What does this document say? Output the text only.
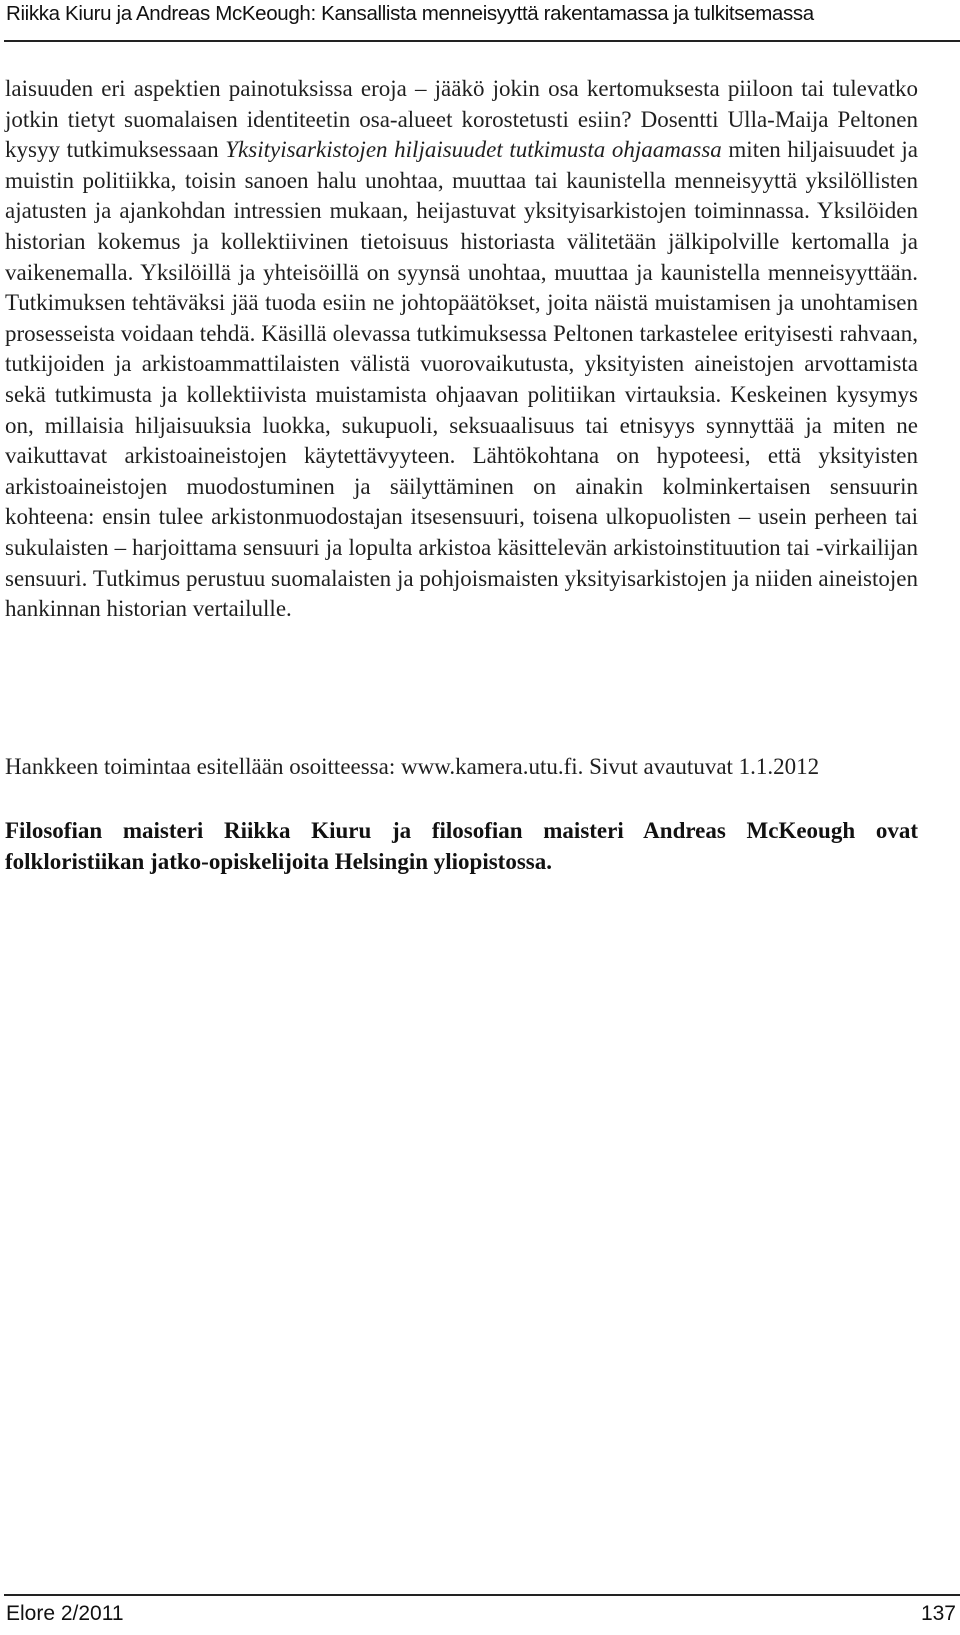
Riikka Kiuru ja Andreas McKeough: Kansallista menneisyyttä rakentamassa ja tulkitsemassa

laisuuden eri aspektien painotuksissa eroja – jääkö jokin osa kertomuksesta piiloon tai tulevatko jotkin tietyt suomalaisen identiteetin osa-alueet korostetusti esiin? Dosentti Ulla-Maija Peltonen kysyy tutkimuksessaan Yksityisarkistojen hiljaisuudet tutkimusta ohjaamassa miten hiljaisuudet ja muistin politiikka, toisin sanoen halu unohtaa, muuttaa tai kaunistella menneisyyttä yksilöllisten ajatusten ja ajankohdan intressien mukaan, heijastuvat yksityisarkistojen toiminnassa. Yksilöiden historian kokemus ja kollektiivinen tietoisuus historiasta välitetään jälkipolville kertomalla ja vaikenemalla. Yksilöillä ja yhteisöillä on syynsä unohtaa, muuttaa ja kaunistella menneisyyttään. Tutkimuksen tehtäväksi jää tuoda esiin ne johtopäätökset, joita näistä muistamisen ja unohtamisen prosesseista voidaan tehdä. Käsillä olevassa tutkimuksessa Peltonen tarkastelee erityisesti rahvaan, tutkijoiden ja arkistoammattilaisten välistä vuorovaikutusta, yksityisten aineistojen arvottamista sekä tutkimusta ja kollektiivista muistamista ohjaavan politiikan virtauksia. Keskeinen kysymys on, millaisia hiljaisuuksia luokka, sukupuoli, seksuaalisuus tai etnisyys synnyttää ja miten ne vaikuttavat arkistoaineistojen käytettävyyteen. Lähtökohtana on hypoteesi, että yksityisten arkistoaineistojen muodostuminen ja säilyttäminen on ainakin kolminkertaisen sensuurin kohteena: ensin tulee arkistonmuodostajan itsesensuuri, toisena ulkopuolisten – usein perheen tai sukulaisten – harjoittama sensuuri ja lopulta arkistoa käsittelevän arkistoinstituution tai -virkailijan sensuuri. Tutkimus perustuu suomalaisten ja pohjoismaisten yksityisarkistojen ja niiden aineistojen hankinnan historian vertailulle.

Hankkeen toimintaa esitellään osoitteessa: www.kamera.utu.fi. Sivut avautuvat 1.1.2012

Filosofian maisteri Riikka Kiuru ja filosofian maisteri Andreas McKeough ovat folkloristiikan jatko-opiskelijoita Helsingin yliopistossa.

Elore 2/2011	137
